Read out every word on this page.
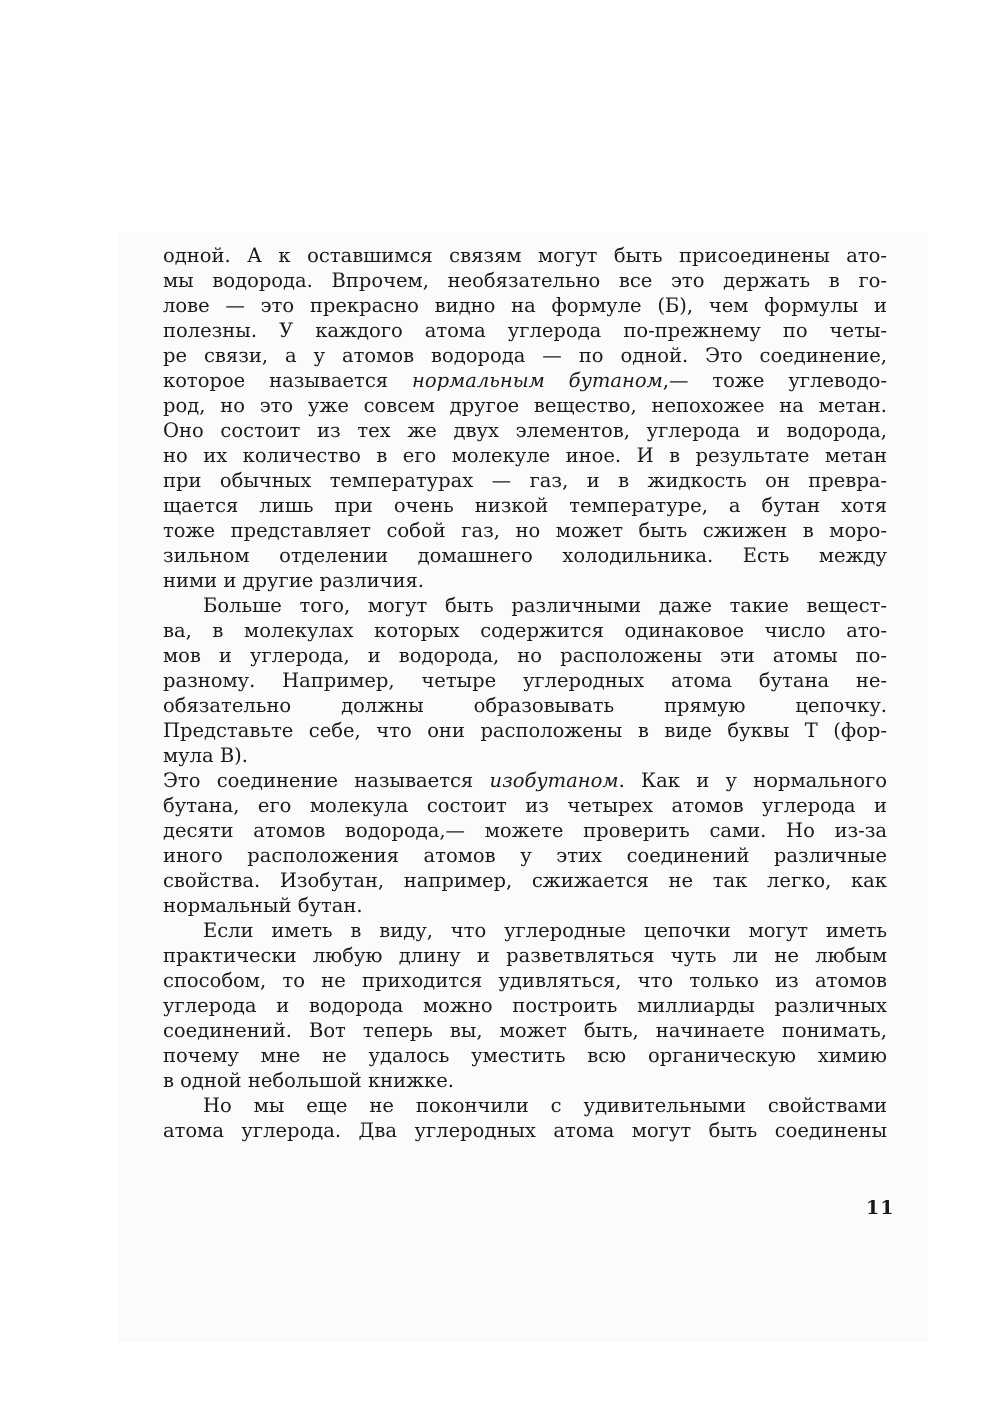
одной. А к оставшимся связям могут быть присоединены ато-
мы водорода. Впрочем, необязательно все это держать в го-
лове — это прекрасно видно на формуле (Б), чем формулы и
полезны. У каждого атома углерода по-прежнему по четы-
ре связи, а у атомов водорода — по одной. Это соединение,
которое называется нормальным бутаном,— тоже углеводо-
род, но это уже совсем другое вещество, непохожее на метан.
Оно состоит из тех же двух элементов, углерода и водорода,
но их количество в его молекуле иное. И в результате метан
при обычных температурах — газ, и в жидкость он превра-
щается лишь при очень низкой температуре, а бутан хотя
тоже представляет собой газ, но может быть сжижен в моро-
зильном отделении домашнего холодильника. Есть между
ними и другие различия.
Больше того, могут быть различными даже такие вещест-
ва, в молекулах которых содержится одинаковое число ато-
мов и углерода, и водорода, но расположены эти атомы по-
разному. Например, четыре углеродных атома бутана не-
обязательно должны образовывать прямую цепочку.
Представьте себе, что они расположены в виде буквы Т (фор-
мула В).
Это соединение называется изобутаном. Как и у нормального
бутана, его молекула состоит из четырех атомов углерода и
десяти атомов водорода,— можете проверить сами. Но из-за
иного расположения атомов у этих соединений различные
свойства. Изобутан, например, сжижается не так легко, как
нормальный бутан.
Если иметь в виду, что углеродные цепочки могут иметь
практически любую длину и разветвляться чуть ли не любым
способом, то не приходится удивляться, что только из атомов
углерода и водорода можно построить миллиарды различных
соединений. Вот теперь вы, может быть, начинаете понимать,
почему мне не удалось уместить всю органическую химию
в одной небольшой книжке.
Но мы еще не покончили с удивительными свойствами
атома углерода. Два углеродных атома могут быть соединены
11
